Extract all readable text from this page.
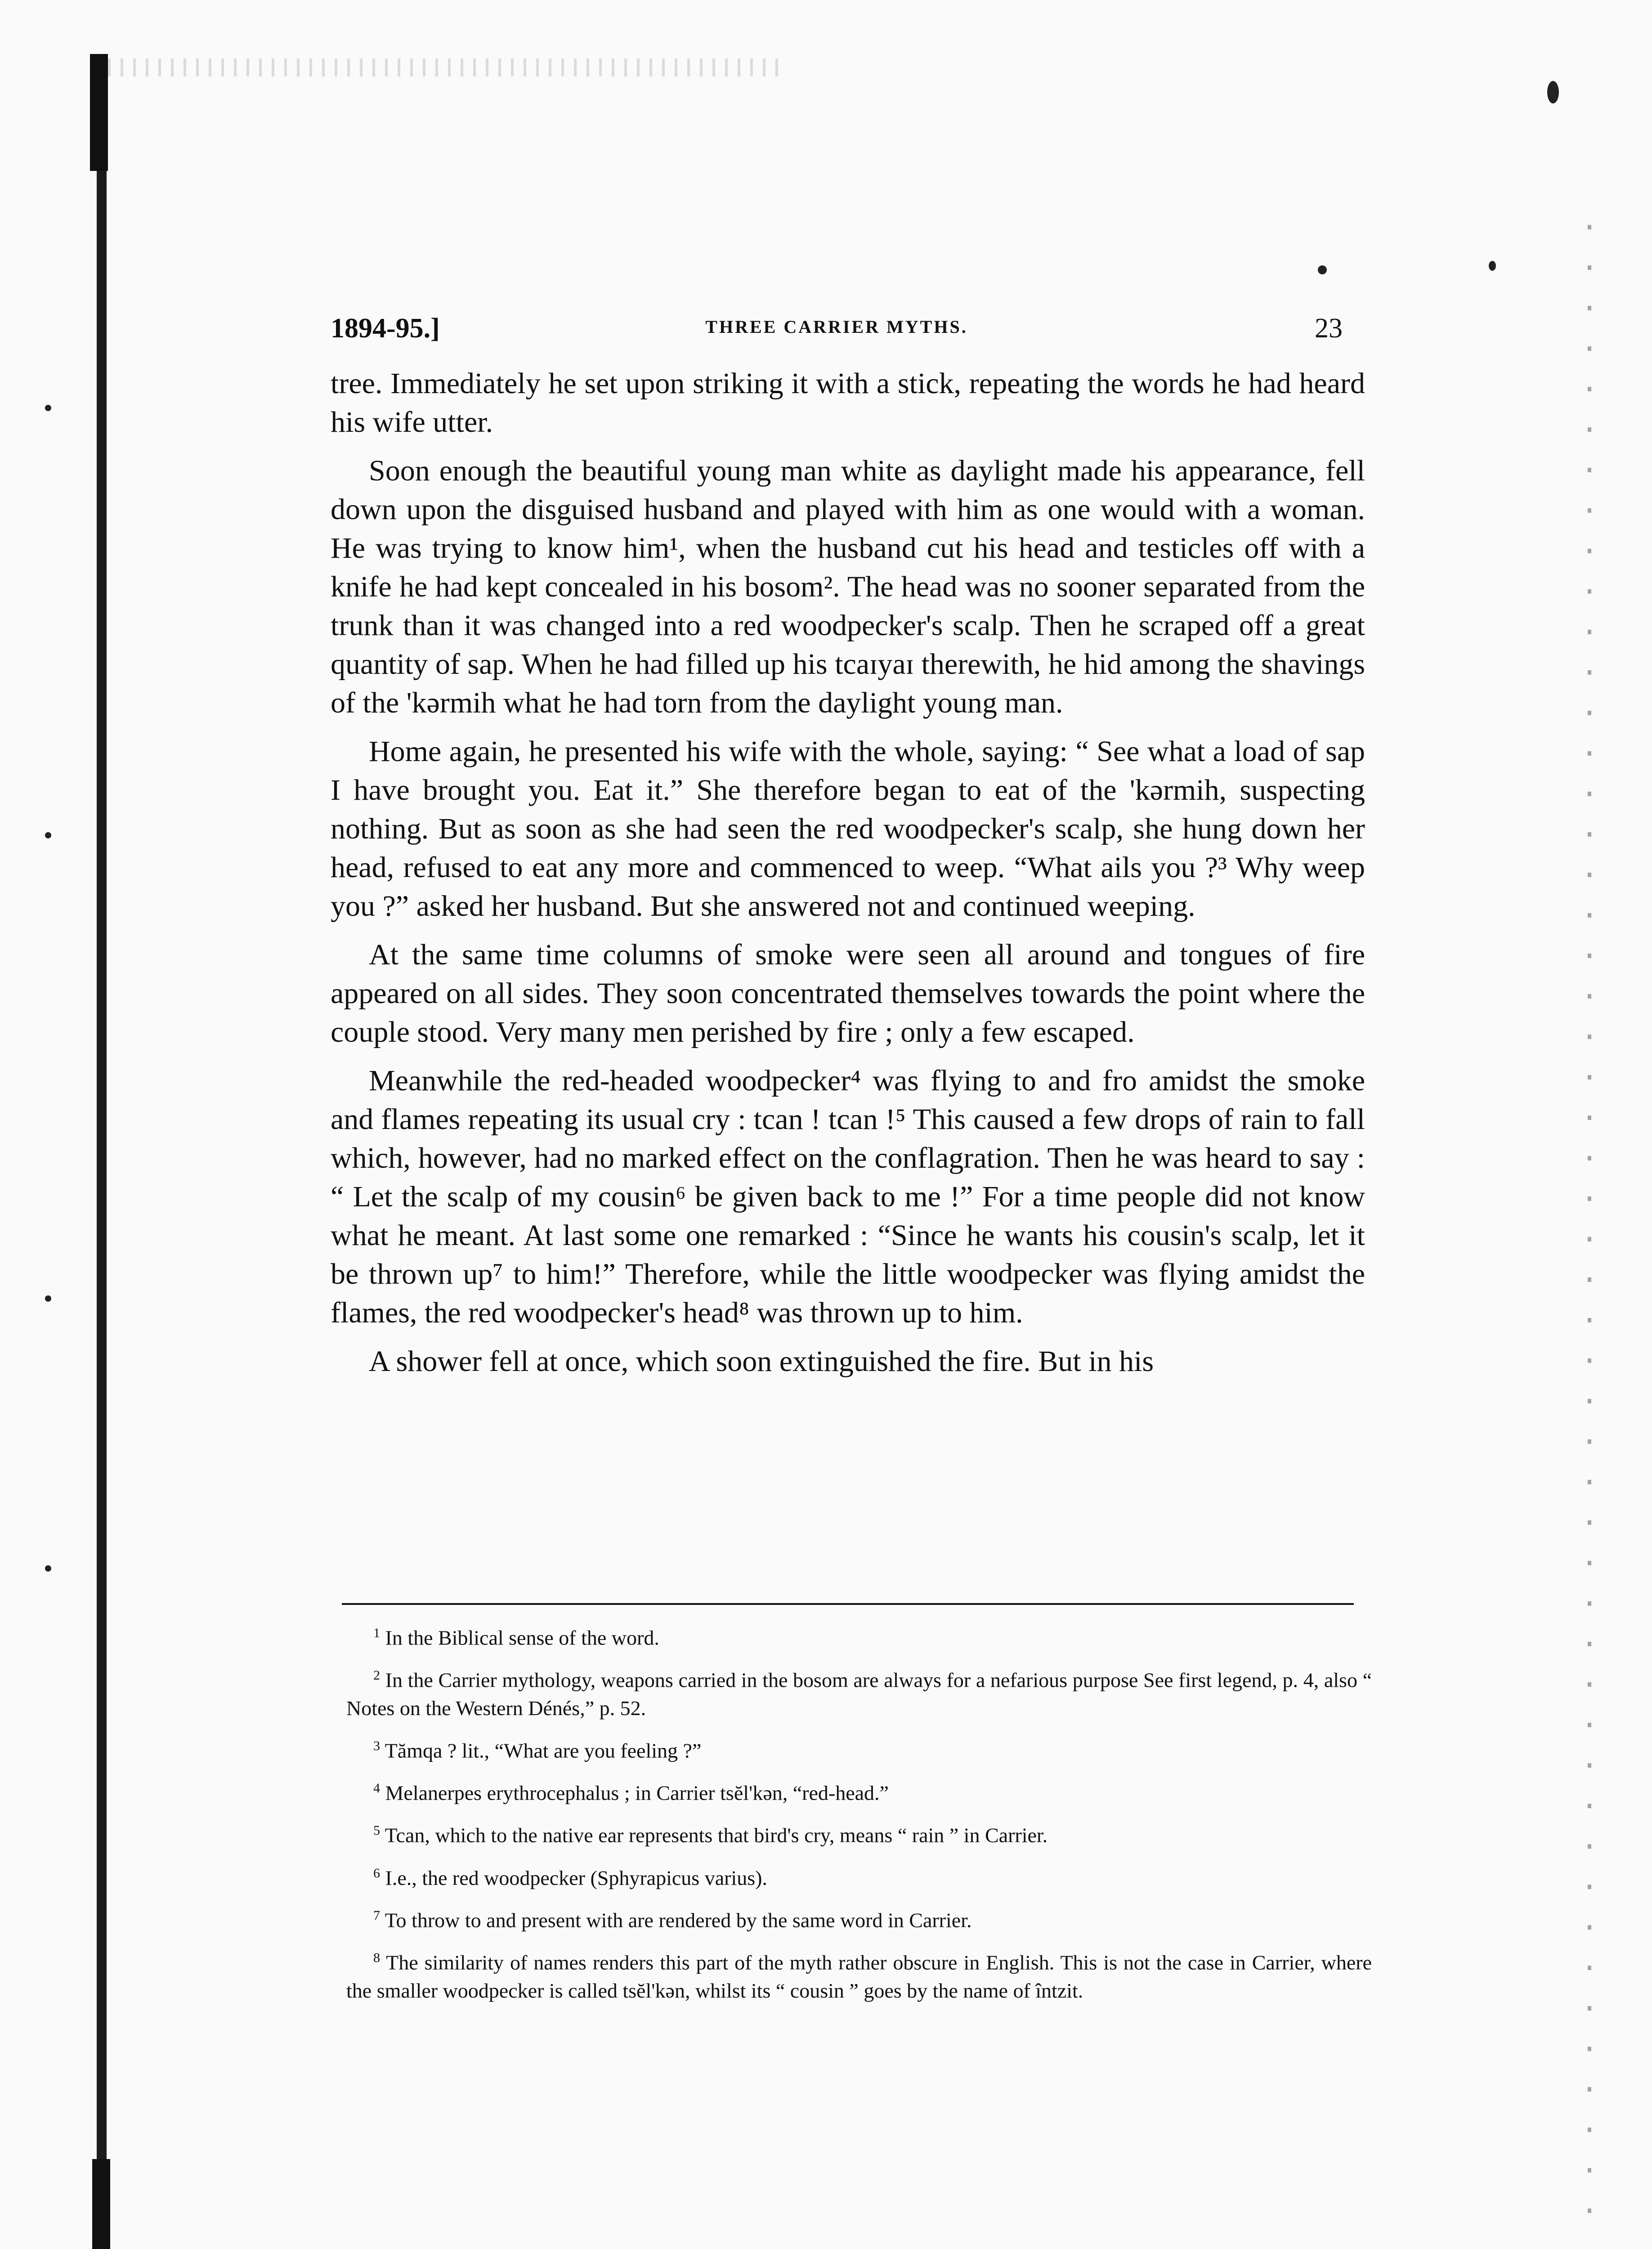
1894-95.]	THREE CARRIER MYTHS.	23

tree. Immediately he set upon striking it with a stick, repeating the words he had heard his wife utter.

Soon enough the beautiful young man white as daylight made his appearance, fell down upon the disguised husband and played with him as one would with a woman. He was trying to know him¹, when the husband cut his head and testicles off with a knife he had kept concealed in his bosom². The head was no sooner separated from the trunk than it was changed into a red woodpecker's scalp. Then he scraped off a great quantity of sap. When he had filled up his tcaɪyaɪ therewith, he hid among the shavings of the 'kərmih what he had torn from the daylight young man.

Home again, he presented his wife with the whole, saying: “ See what a load of sap I have brought you. Eat it.” She therefore began to eat of the 'kərmih, suspecting nothing. But as soon as she had seen the red woodpecker's scalp, she hung down her head, refused to eat any more and commenced to weep. “What ails you ?³ Why weep you ?” asked her husband. But she answered not and continued weeping.

At the same time columns of smoke were seen all around and tongues of fire appeared on all sides. They soon concentrated themselves towards the point where the couple stood. Very many men perished by fire ; only a few escaped.

Meanwhile the red-headed woodpecker⁴ was flying to and fro amidst the smoke and flames repeating its usual cry : tcan ! tcan !⁵ This caused a few drops of rain to fall which, however, had no marked effect on the conflagration. Then he was heard to say : “ Let the scalp of my cousin⁶ be given back to me !” For a time people did not know what he meant. At last some one remarked : “Since he wants his cousin's scalp, let it be thrown up⁷ to him!” Therefore, while the little woodpecker was flying amidst the flames, the red woodpecker's head⁸ was thrown up to him.

A shower fell at once, which soon extinguished the fire. But in his

$^1$ In the Biblical sense of the word.

$^2$ In the Carrier mythology, weapons carried in the bosom are always for a nefarious purpose See first legend, p. 4, also “ Notes on the Western Dénés,” p. 52.

$^3$ Tămqa ? lit., “What are you feeling ?”

$^4$ Melanerpes erythrocephalus ; in Carrier tsĕl'kən, “red-head.”

$^5$ Tcan, which to the native ear represents that bird's cry, means “ rain ” in Carrier.

$^6$ I.e., the red woodpecker (Sphyrapicus varius).

$^7$ To throw to and present with are rendered by the same word in Carrier.

$^8$ The similarity of names renders this part of the myth rather obscure in English. This is not the case in Carrier, where the smaller woodpecker is called tsĕl'kən, whilst its “ cousin ” goes by the name of întzit.
